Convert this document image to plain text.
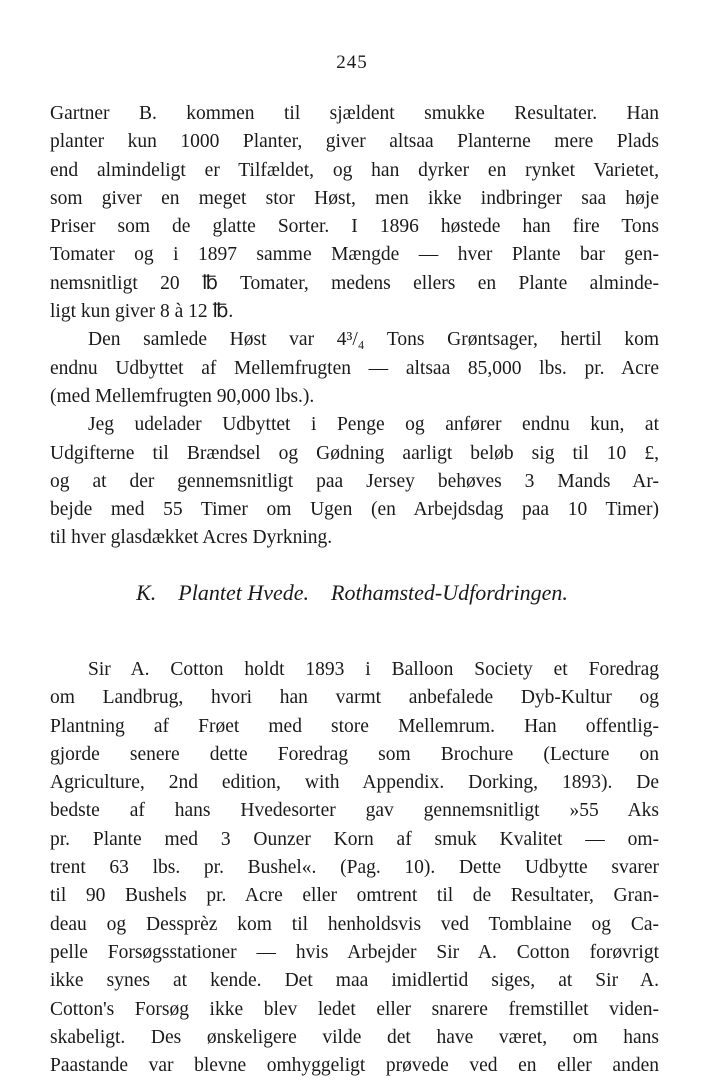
245
Gartner B. kommen til sjældent smukke Resultater. Han
planter kun 1000 Planter, giver altsaa Planterne mere Plads
end almindeligt er Tilfældet, og han dyrker en rynket Varietet,
som giver en meget stor Høst, men ikke indbringer saa høje
Priser som de glatte Sorter. I 1896 høstede han fire Tons
Tomater og i 1897 samme Mængde — hver Plante bar gen-
nemsnitligt 20 ℔ Tomater, medens ellers en Plante alminde-
ligt kun giver 8 à 12 ℔.
Den samlede Høst var 4³/₄ Tons Grøntsager, hertil kom
endnu Udbyttet af Mellemfrugten — altsaa 85,000 lbs. pr. Acre
(med Mellemfrugten 90,000 lbs.).
Jeg udelader Udbyttet i Penge og anfører endnu kun, at
Udgifterne til Brændsel og Gødning aarligt beløb sig til 10 £,
og at der gennemsnitligt paa Jersey behøves 3 Mands Ar-
bejde med 55 Timer om Ugen (en Arbejdsdag paa 10 Timer)
til hver glasdækket Acres Dyrkning.
K. Plantet Hvede. Rothamsted-Udfordringen.
Sir A. Cotton holdt 1893 i Balloon Society et Foredrag
om Landbrug, hvori han varmt anbefalede Dyb-Kultur og
Plantning af Frøet med store Mellemrum. Han offentlig-
gjorde senere dette Foredrag som Brochure (Lecture on
Agriculture, 2nd edition, with Appendix. Dorking, 1893). De
bedste af hans Hvedesorter gav gennemsnitligt »55 Aks
pr. Plante med 3 Ounzer Korn af smuk Kvalitet — om-
trent 63 lbs. pr. Bushel«. (Pag. 10). Dette Udbytte svarer
til 90 Bushels pr. Acre eller omtrent til de Resultater, Gran-
deau og Dessprèz kom til henholdsvis ved Tomblaine og Ca-
pelle Forsøgsstationer — hvis Arbejder Sir A. Cotton forøvrigt
ikke synes at kende. Det maa imidlertid siges, at Sir A.
Cotton's Forsøg ikke blev ledet eller snarere fremstillet viden-
skabeligt. Des ønskeligere vilde det have været, om hans
Paastande var blevne omhyggeligt prøvede ved en eller anden
